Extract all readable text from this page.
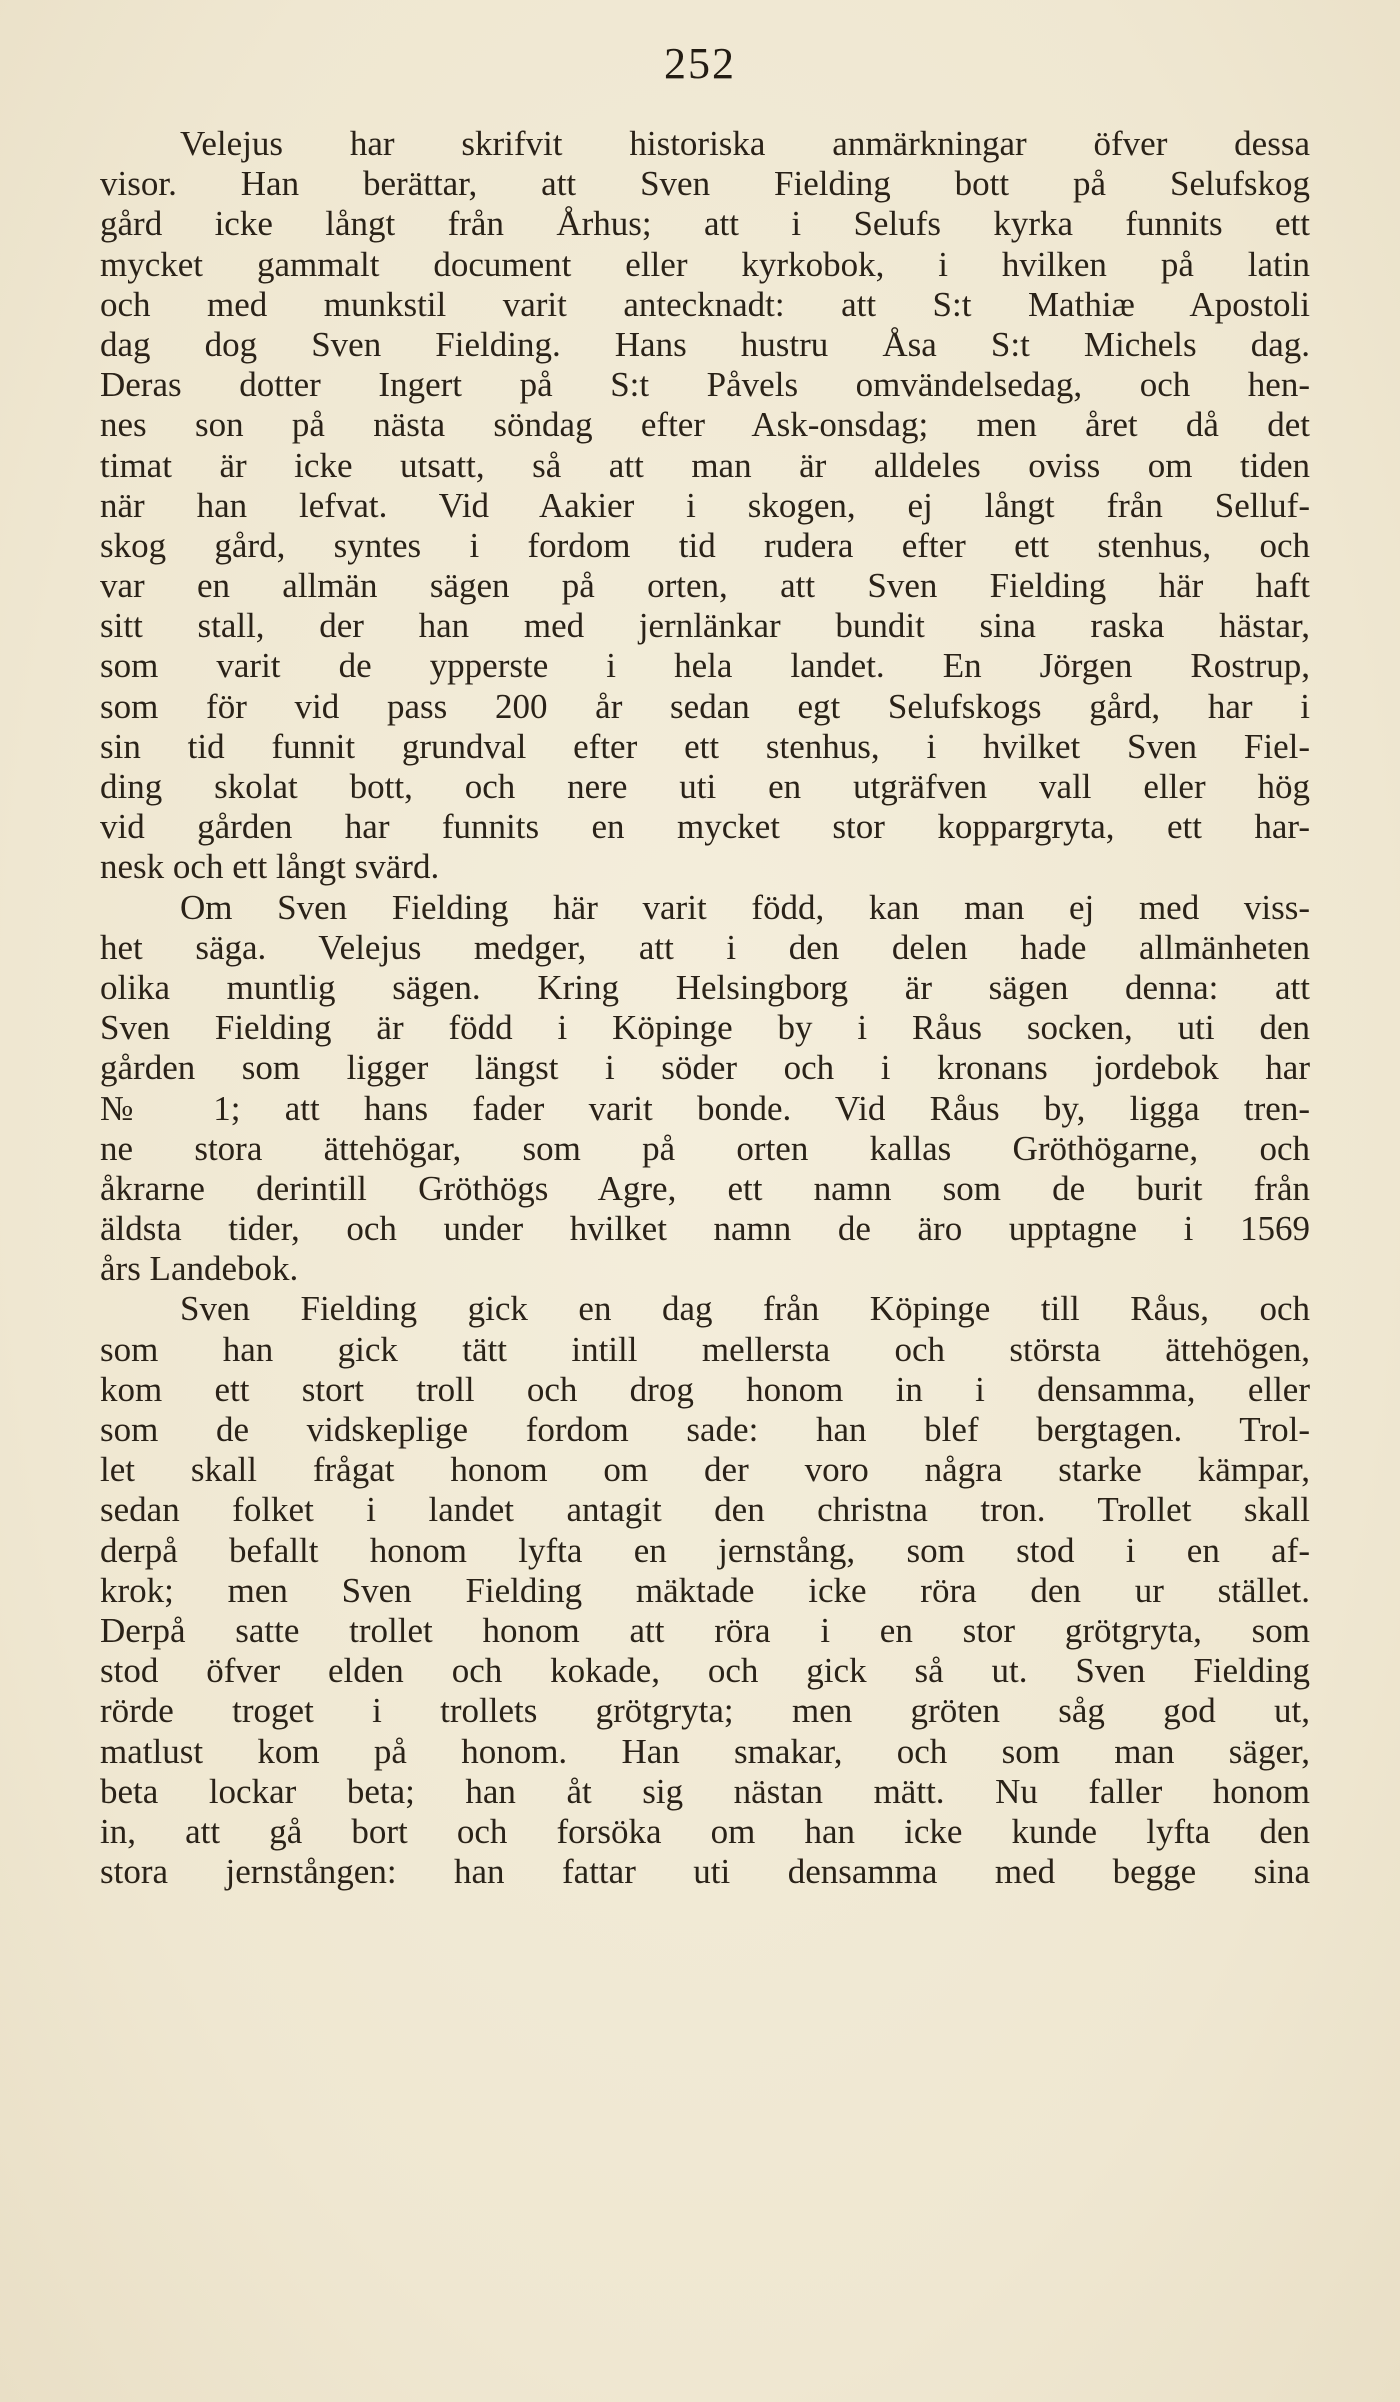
252
Velejus har skrifvit historiska anmärkningar öfver dessa
visor. Han berättar, att Sven Fielding bott på Selufskog
gård icke långt från Århus; att i Selufs kyrka funnits ett
mycket gammalt document eller kyrkobok, i hvilken på latin
och med munkstil varit antecknadt: att S:t Mathiæ Apostoli
dag dog Sven Fielding. Hans hustru Åsa S:t Michels dag.
Deras dotter Ingert på S:t Påvels omvändelsedag, och hen-
nes son på nästa söndag efter Ask-onsdag; men året då det
timat är icke utsatt, så att man är alldeles oviss om tiden
när han lefvat. Vid Aakier i skogen, ej långt från Selluf-
skog gård, syntes i fordom tid rudera efter ett stenhus, och
var en allmän sägen på orten, att Sven Fielding här haft
sitt stall, der han med jernlänkar bundit sina raska hästar,
som varit de ypperste i hela landet. En Jörgen Rostrup,
som för vid pass 200 år sedan egt Selufskogs gård, har i
sin tid funnit grundval efter ett stenhus, i hvilket Sven Fiel-
ding skolat bott, och nere uti en utgräfven vall eller hög
vid gården har funnits en mycket stor koppargryta, ett har-
nesk och ett långt svärd.
Om Sven Fielding här varit född, kan man ej med viss-
het säga. Velejus medger, att i den delen hade allmänheten
olika muntlig sägen. Kring Helsingborg är sägen denna: att
Sven Fielding är född i Köpinge by i Råus socken, uti den
gården som ligger längst i söder och i kronans jordebok har
№ 1; att hans fader varit bonde. Vid Råus by, ligga tren-
ne stora ättehögar, som på orten kallas Gröthögarne, och
åkrarne derintill Gröthögs Agre, ett namn som de burit från
äldsta tider, och under hvilket namn de äro upptagne i 1569
års Landebok.
Sven Fielding gick en dag från Köpinge till Råus, och
som han gick tätt intill mellersta och största ättehögen,
kom ett stort troll och drog honom in i densamma, eller
som de vidskeplige fordom sade: han blef bergtagen. Trol-
let skall frågat honom om der voro några starke kämpar,
sedan folket i landet antagit den christna tron. Trollet skall
derpå befallt honom lyfta en jernstång, som stod i en af-
krok; men Sven Fielding mäktade icke röra den ur stället.
Derpå satte trollet honom att röra i en stor grötgryta, som
stod öfver elden och kokade, och gick så ut. Sven Fielding
rörde troget i trollets grötgryta; men gröten såg god ut,
matlust kom på honom. Han smakar, och som man säger,
beta lockar beta; han åt sig nästan mätt. Nu faller honom
in, att gå bort och forsöka om han icke kunde lyfta den
stora jernstången: han fattar uti densamma med begge sina
